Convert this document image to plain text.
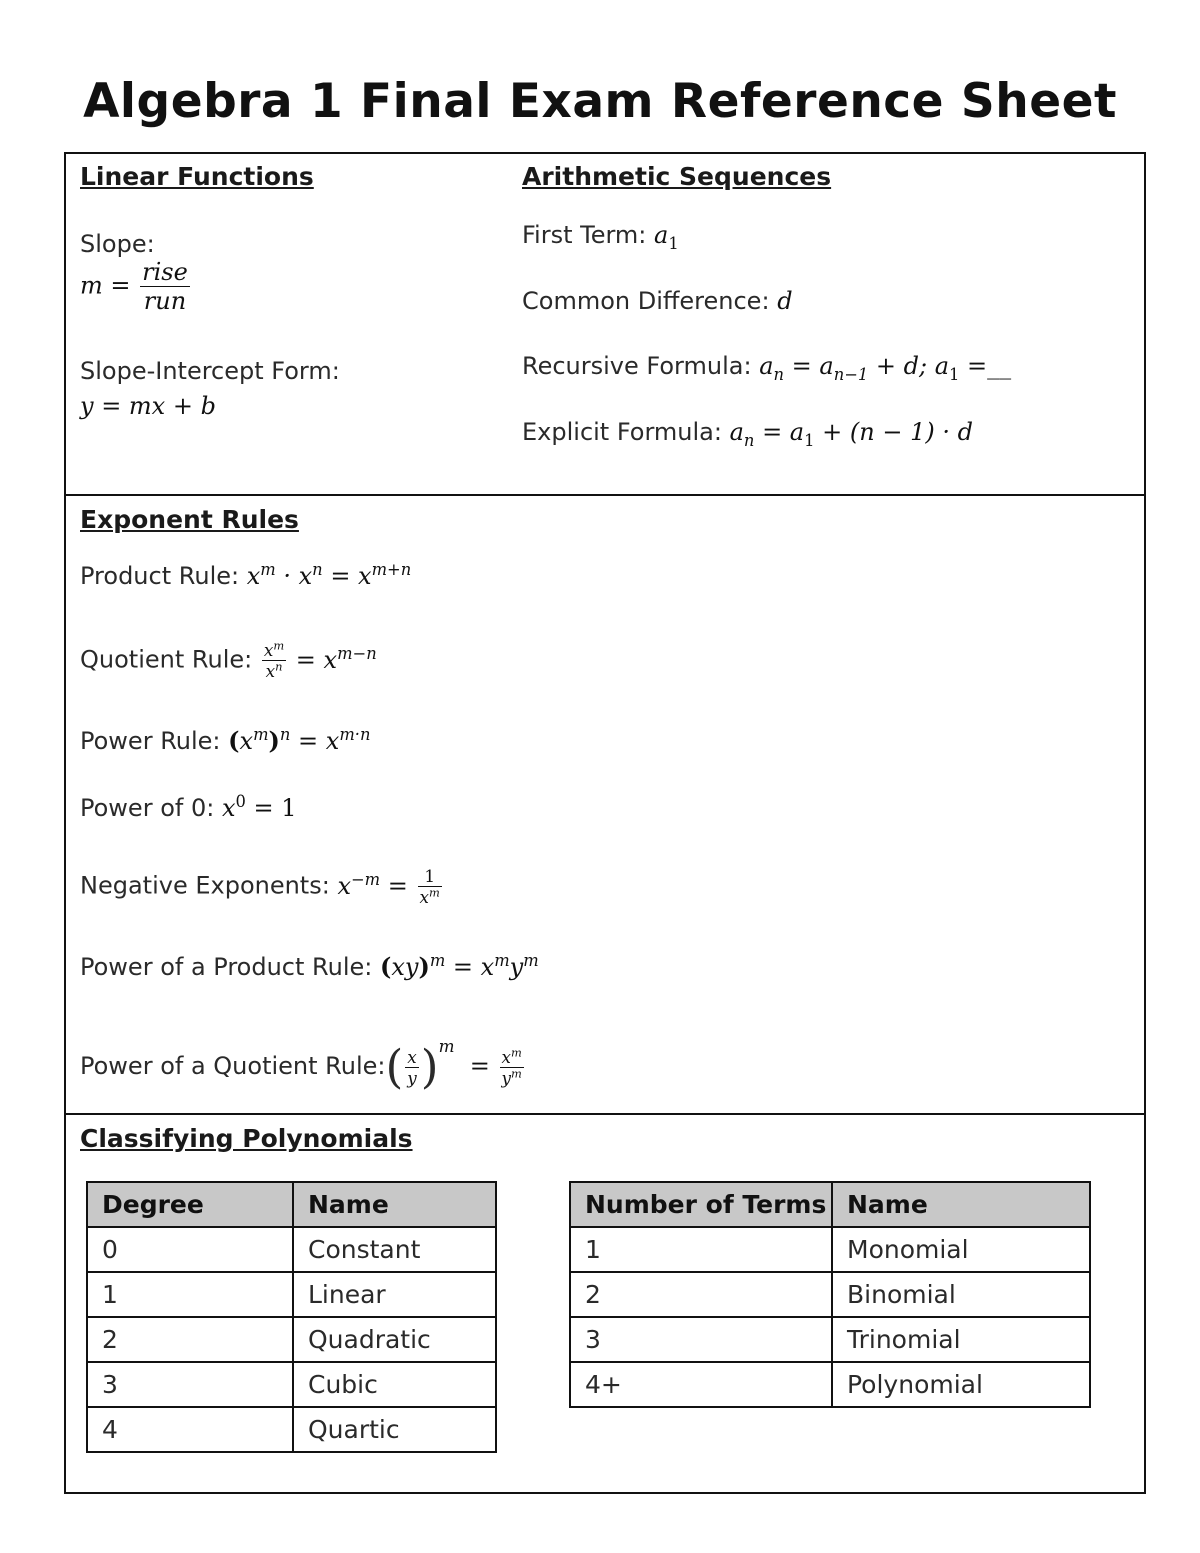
Algebra 1 Final Exam Reference Sheet
Linear Functions
Slope:
$m = \frac{\text{rise}}{\text{run}}$
Slope-Intercept Form:
y = mx + b
Arithmetic Sequences
First Term: $a_1$
Common Difference: d
Recursive Formula: $a_n = a_{n-1} + d$; $a_1$ =__
Explicit Formula: $a_n = a_1 + (n - 1) \cdot d$
Exponent Rules
Product Rule: $x^m \cdot x^n = x^{m+n}$
Quotient Rule: $\frac{x^m}{x^n} = x^{m-n}$
Power Rule: $(x^m)^n = x^{m\cdot n}$
Power of 0: $x^0 = 1$
Negative Exponents: $x^{-m} = \frac{1}{x^m}$
Power of a Product Rule: $(xy)^m = x^my^m$
Power of a Quotient Rule:( $\frac{x}{y} )^m = \frac{x^m}{y^m}$
Classifying Polynomials
Degree	Name
0	Constant
1	Linear
2	Quadratic
3	Cubic
4	Quartic
Number of Terms	Name
1	Monomial
2	Binomial
3	Trinomial
4+	Polynomial
